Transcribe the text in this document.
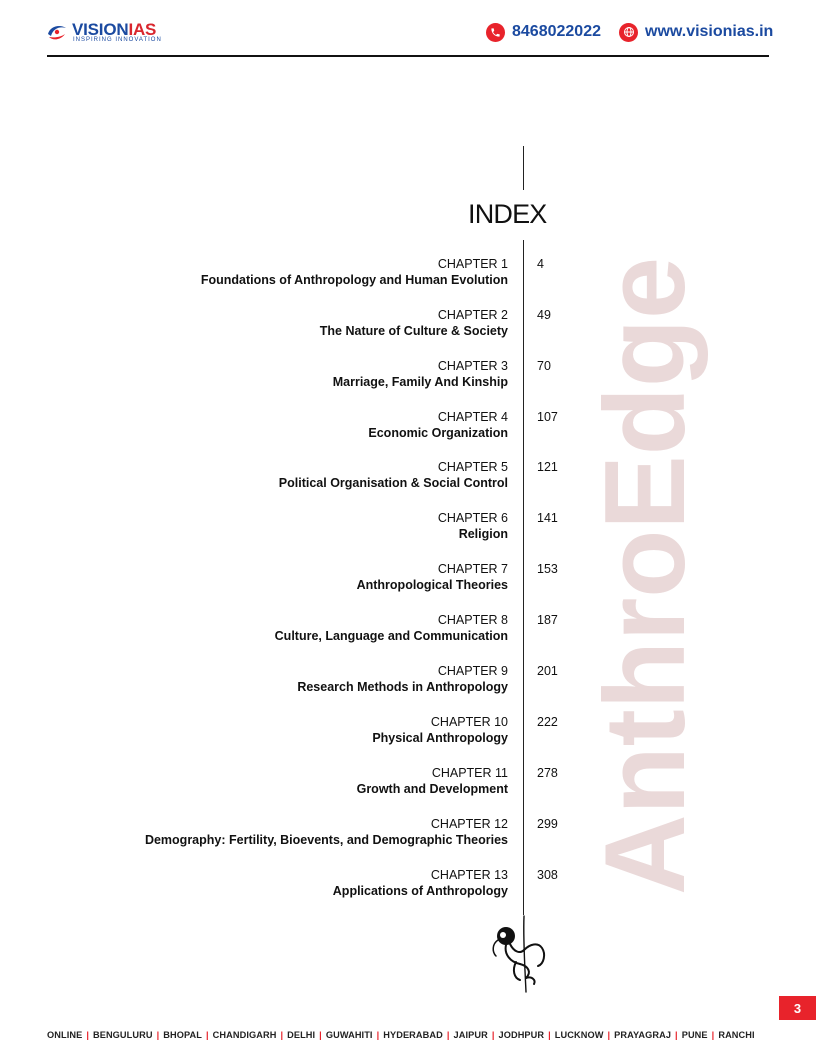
VISIONIAS
INSPIRING INNOVATION	8468022022	www.visionias.in
AnthroEdge
INDEX
CHAPTER 1
Foundations of Anthropology and Human Evolution
4
CHAPTER 2
The Nature of Culture & Society
49
CHAPTER 3
Marriage, Family And Kinship
70
CHAPTER 4
Economic Organization
107
CHAPTER 5
Political Organisation & Social Control
121
CHAPTER 6
Religion
141
CHAPTER 7
Anthropological Theories
153
CHAPTER 8
Culture, Language and Communication
187
CHAPTER 9
Research Methods in Anthropology
201
CHAPTER 10
Physical Anthropology
222
CHAPTER 11
Growth and Development
278
CHAPTER 12
Demography: Fertility, Bioevents, and Demographic Theories
299
CHAPTER 13
Applications of Anthropology
308
3
ONLINE | BENGULURU | BHOPAL | CHANDIGARH | DELHI | GUWAHITI | HYDERABAD | JAIPUR | JODHPUR | LUCKNOW | PRAYAGRAJ | PUNE | RANCHI
